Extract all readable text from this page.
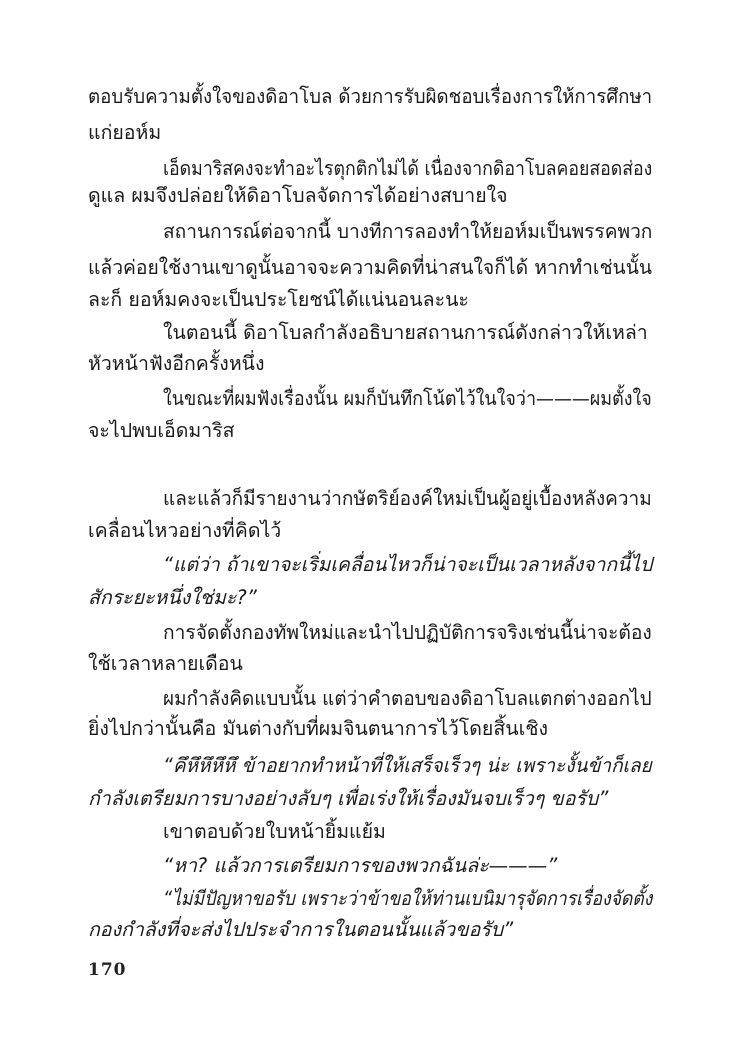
ตอบรับความตั้งใจของดิอาโบล ด้วยการรับผิดชอบเรื่องการให้การศึกษา
แก่ยอห์ม
เอ็ดมาริสคงจะทำอะไรตุกติกไม่ได้ เนื่องจากดิอาโบลคอยสอดส่อง
ดูแล ผมจึงปล่อยให้ดิอาโบลจัดการได้อย่างสบายใจ
สถานการณ์ต่อจากนี้ บางทีการลองทำให้ยอห์มเป็นพรรคพวก
แล้วค่อยใช้งานเขาดูนั้นอาจจะความคิดที่น่าสนใจก็ได้ หากทำเช่นนั้น
ละก็ ยอห์มคงจะเป็นประโยชน์ได้แน่นอนละนะ
ในตอนนี้ ดิอาโบลกำลังอธิบายสถานการณ์ดังกล่าวให้เหล่า
หัวหน้าฟังอีกครั้งหนึ่ง
ในขณะที่ผมฟังเรื่องนั้น ผมก็บันทึกโน้ตไว้ในใจว่า———ผมตั้งใจ
จะไปพบเอ็ดมาริส
และแล้วก็มีรายงานว่ากษัตริย์องค์ใหม่เป็นผู้อยู่เบื้องหลังความ
เคลื่อนไหวอย่างที่คิดไว้
“แต่ว่า ถ้าเขาจะเริ่มเคลื่อนไหวก็น่าจะเป็นเวลาหลังจากนี้ไป
สักระยะหนึ่งใช่มะ?”
การจัดตั้งกองทัพใหม่และนำไปปฏิบัติการจริงเช่นนี้น่าจะต้อง
ใช้เวลาหลายเดือน
ผมกำลังคิดแบบนั้น แต่ว่าคำตอบของดิอาโบลแตกต่างออกไป
ยิ่งไปกว่านั้นคือ มันต่างกับที่ผมจินตนาการไว้โดยสิ้นเชิง
“คึหึหึหึหึ ข้าอยากทำหน้าที่ให้เสร็จเร็วๆ น่ะ เพราะงั้นข้าก็เลย
กำลังเตรียมการบางอย่างลับๆ เพื่อเร่งให้เรื่องมันจบเร็วๆ ขอรับ”
เขาตอบด้วยใบหน้ายิ้มแย้ม
“หา? แล้วการเตรียมการของพวกฉันล่ะ———”
“ไม่มีปัญหาขอรับ เพราะว่าข้าขอให้ท่านเบนิมารุจัดการเรื่องจัดตั้ง
กองกำลังที่จะส่งไปประจำการในตอนนั้นแล้วขอรับ”
170
